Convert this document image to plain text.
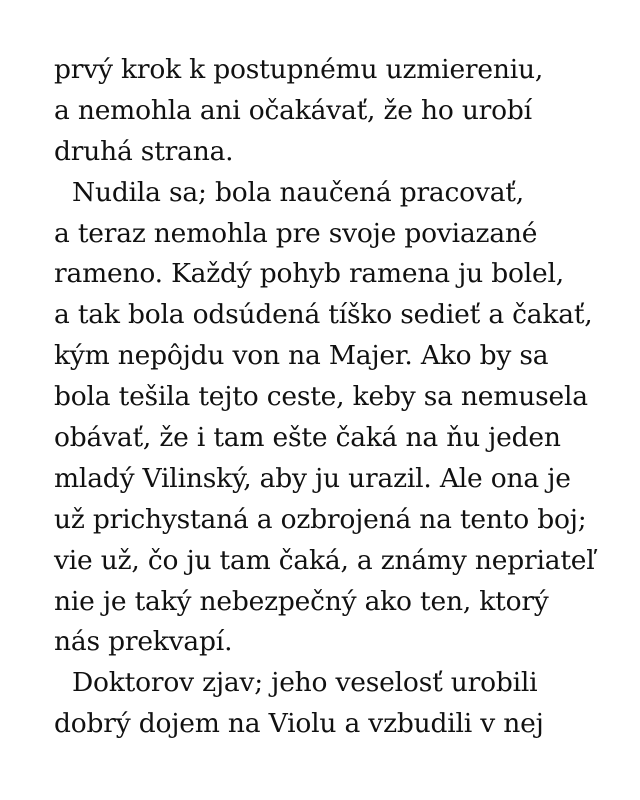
prvý krok k postupnému uzmiereniu,
a nemohla ani očakávať, že ho urobí
druhá strana.
Nudila sa; bola naučená pracovať,
a teraz nemohla pre svoje poviazané
rameno. Každý pohyb ramena ju bolel,
a tak bola odsúdená tíško sedieť a čakať,
kým nepôjdu von na Majer. Ako by sa
bola tešila tejto ceste, keby sa nemusela
obávať, že i tam ešte čaká na ňu jeden
mladý Vilinský, aby ju urazil. Ale ona je
už prichystaná a ozbrojená na tento boj;
vie už, čo ju tam čaká, a známy nepriateľ
nie je taký nebezpečný ako ten, ktorý
nás prekvapí.
Doktorov zjav; jeho veselosť urobili
dobrý dojem na Violu a vzbudili v nej
